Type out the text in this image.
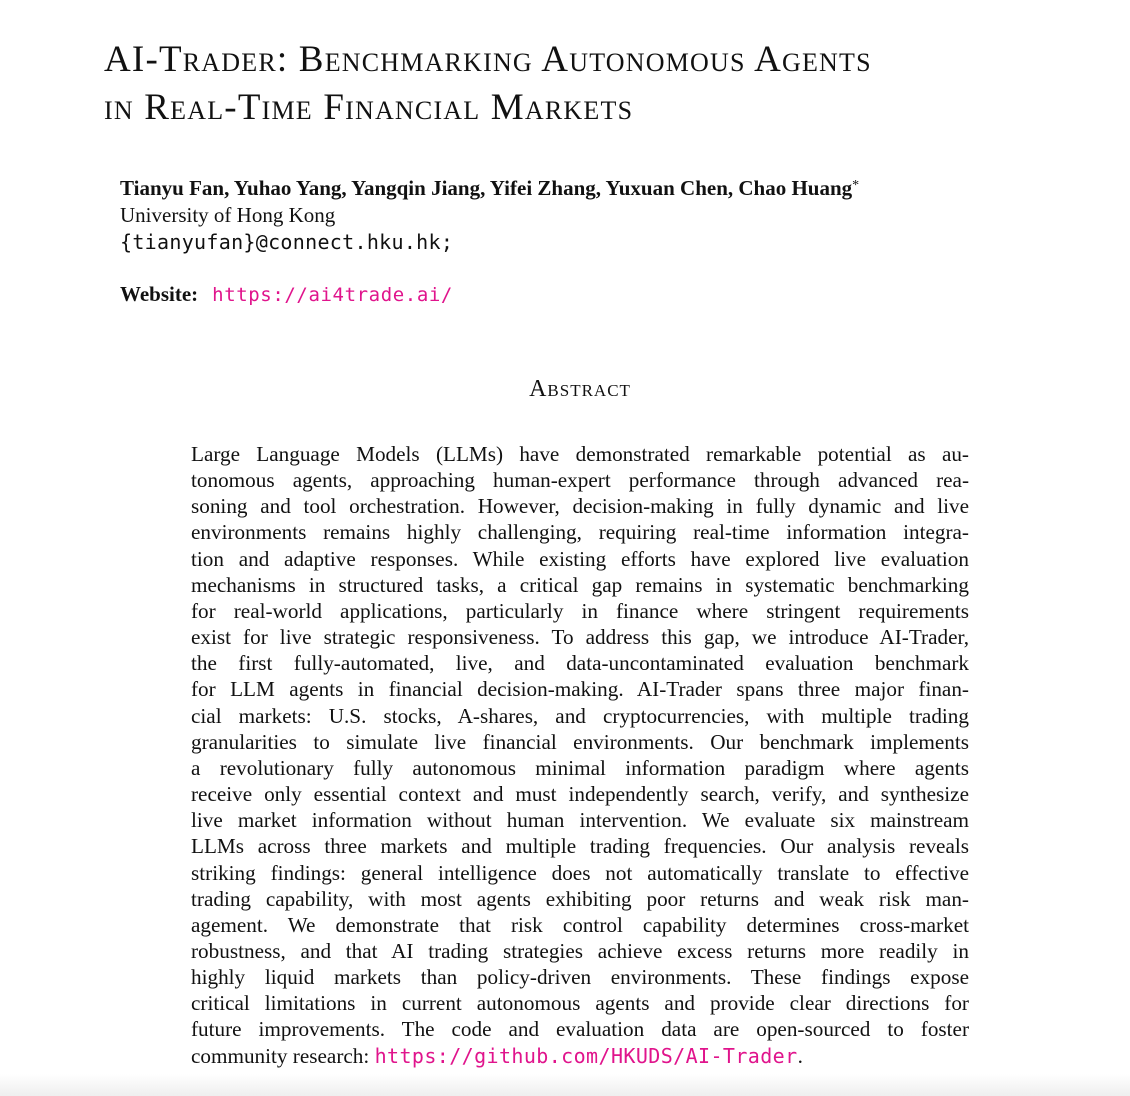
AI-Trader: Benchmarking Autonomous Agents
in Real-Time Financial Markets
Tianyu Fan, Yuhao Yang, Yangqin Jiang, Yifei Zhang, Yuxuan Chen, Chao Huang*
University of Hong Kong
{tianyufan}@connect.hku.hk;
Website: https://ai4trade.ai/
Abstract
Large Language Models (LLMs) have demonstrated remarkable potential as au-
tonomous agents, approaching human-expert performance through advanced rea-
soning and tool orchestration. However, decision-making in fully dynamic and live
environments remains highly challenging, requiring real-time information integra-
tion and adaptive responses. While existing efforts have explored live evaluation
mechanisms in structured tasks, a critical gap remains in systematic benchmarking
for real-world applications, particularly in finance where stringent requirements
exist for live strategic responsiveness. To address this gap, we introduce AI-Trader,
the first fully-automated, live, and data-uncontaminated evaluation benchmark
for LLM agents in financial decision-making. AI-Trader spans three major finan-
cial markets: U.S. stocks, A-shares, and cryptocurrencies, with multiple trading
granularities to simulate live financial environments. Our benchmark implements
a revolutionary fully autonomous minimal information paradigm where agents
receive only essential context and must independently search, verify, and synthesize
live market information without human intervention. We evaluate six mainstream
LLMs across three markets and multiple trading frequencies. Our analysis reveals
striking findings: general intelligence does not automatically translate to effective
trading capability, with most agents exhibiting poor returns and weak risk man-
agement. We demonstrate that risk control capability determines cross-market
robustness, and that AI trading strategies achieve excess returns more readily in
highly liquid markets than policy-driven environments. These findings expose
critical limitations in current autonomous agents and provide clear directions for
future improvements. The code and evaluation data are open-sourced to foster
community research: https://github.com/HKUDS/AI-Trader.
